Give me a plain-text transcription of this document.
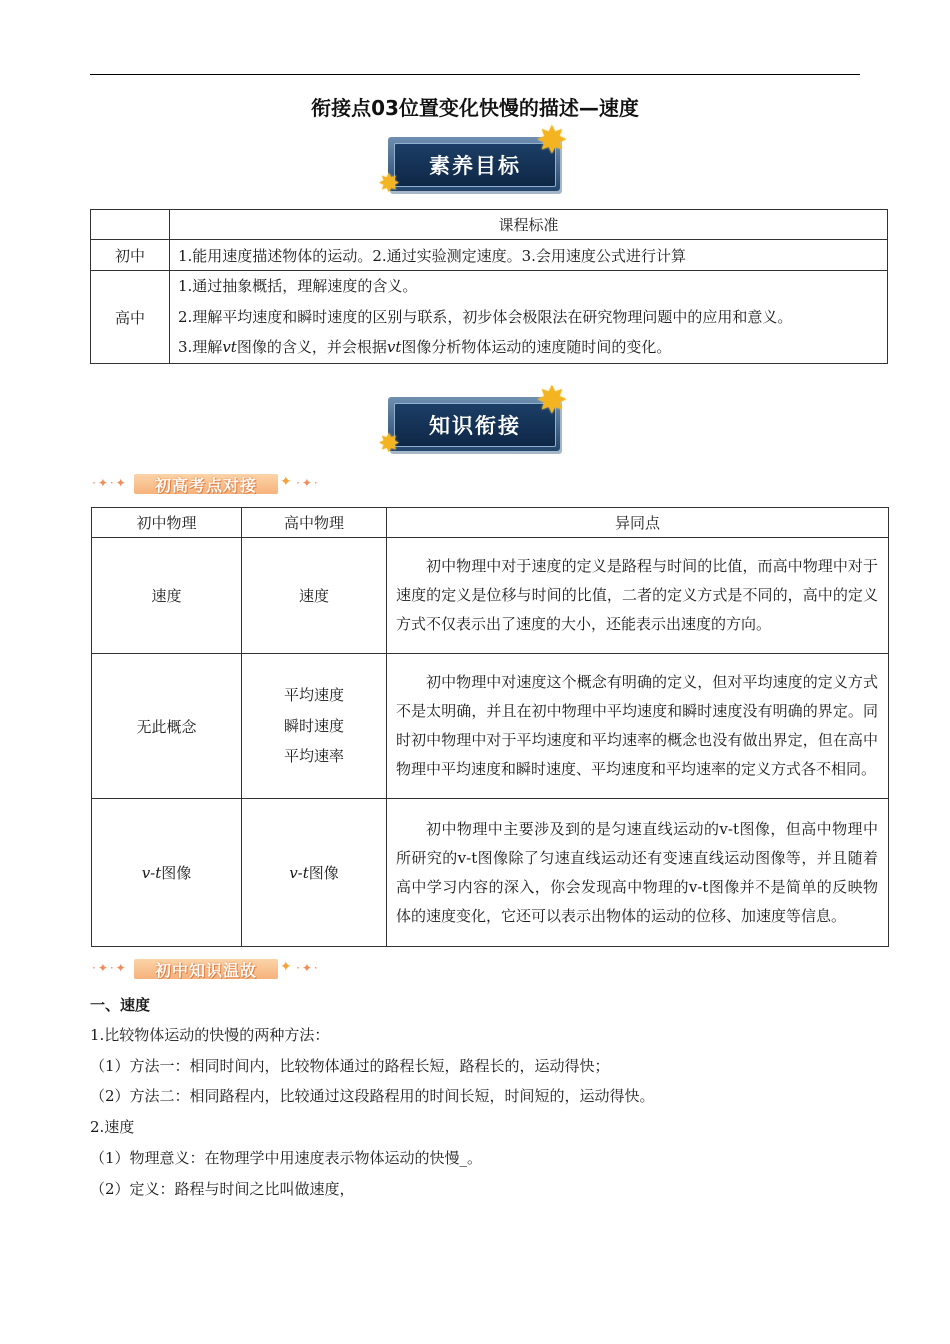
衔接点03位置变化快慢的描述—速度
素养目标
✸
✸
	课程标准
初中	1.能用速度描述物体的运动。2.通过实验测定速度。3.会用速度公式进行计算
高中	1.通过抽象概括，理解速度的含义。
2.理解平均速度和瞬时速度的区别与联系，初步体会极限法在研究物理问题中的应用和意义。
3.理解vt图像的含义，并会根据vt图像分析物体运动的速度随时间的变化。
知识衔接
✸
✸
·✦·✦	初高考点对接	✦ ·✦·
初中物理	高中物理	异同点
速度	速度	初中物理中对于速度的定义是路程与时间的比值，而高中物理中对于速度的定义是位移与时间的比值，二者的定义方式是不同的，高中的定义方式不仅表示出了速度的大小，还能表示出速度的方向。
无此概念	平均速度
瞬时速度
平均速率	初中物理中对速度这个概念有明确的定义，但对平均速度的定义方式不是太明确，并且在初中物理中平均速度和瞬时速度没有明确的界定。同时初中物理中对于平均速度和平均速率的概念也没有做出界定，但在高中物理中平均速度和瞬时速度、平均速度和平均速率的定义方式各不相同。
v-t图像	v-t图像	初中物理中主要涉及到的是匀速直线运动的v-t图像，但高中物理中所研究的v-t图像除了匀速直线运动还有变速直线运动图像等，并且随着高中学习内容的深入，你会发现高中物理的v-t图像并不是简单的反映物体的速度变化，它还可以表示出物体的运动的位移、加速度等信息。
·✦·✦	初中知识温故	✦ ·✦·
一、速度
1.比较物体运动的快慢的两种方法：
（1）方法一：相同时间内，比较物体通过的路程长短，路程长的，运动得快；
（2）方法二：相同路程内，比较通过这段路程用的时间长短，时间短的，运动得快。
2.速度
（1）物理意义：在物理学中用速度表示物体运动的快慢_。
（2）定义：路程与时间之比叫做速度，
